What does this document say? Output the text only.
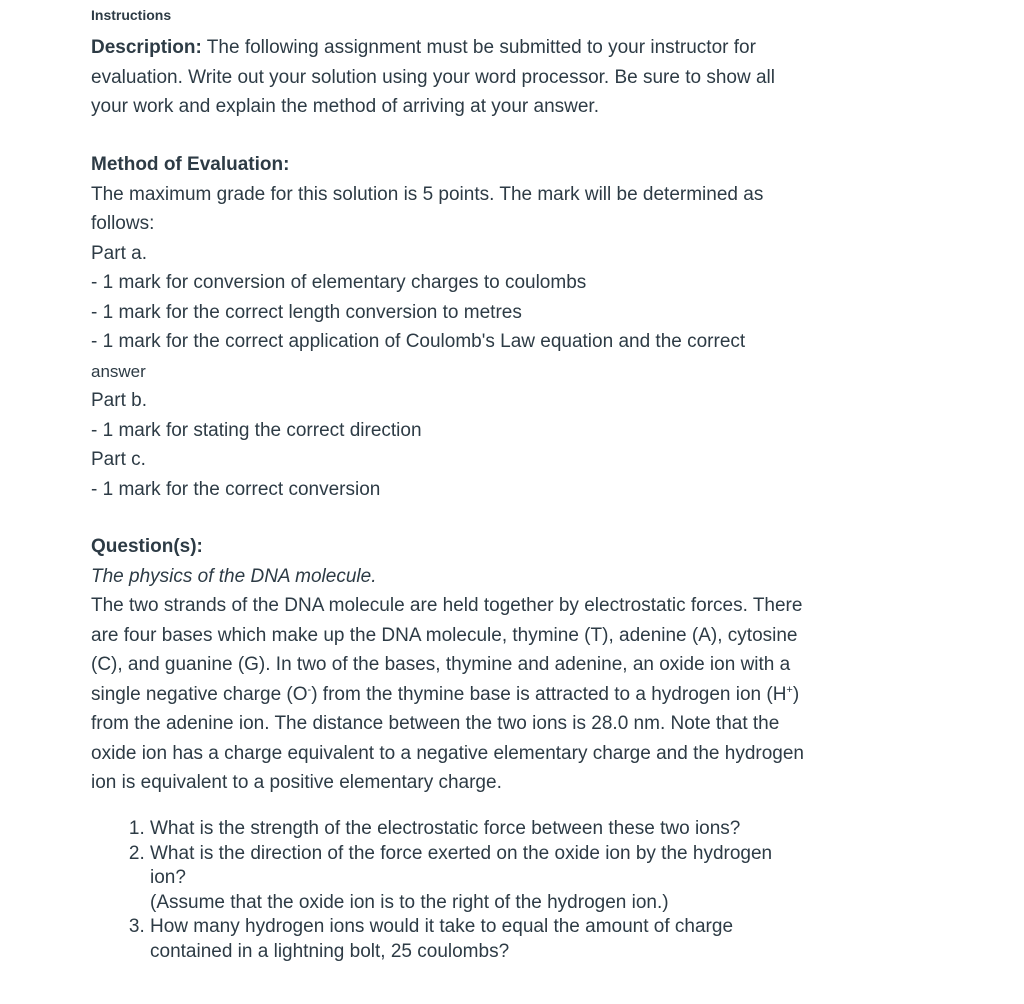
Instructions
Description: The following assignment must be submitted to your instructor for
evaluation. Write out your solution using your word processor. Be sure to show all
your work and explain the method of arriving at your answer.
Method of Evaluation:
The maximum grade for this solution is 5 points. The mark will be determined as
follows:
Part a.
- 1 mark for conversion of elementary charges to coulombs
- 1 mark for the correct length conversion to metres
- 1 mark for the correct application of Coulomb's Law equation and the correct
answer
Part b.
- 1 mark for stating the correct direction
Part c.
- 1 mark for the correct conversion
Question(s):
The physics of the DNA molecule.
The two strands of the DNA molecule are held together by electrostatic forces. There
are four bases which make up the DNA molecule, thymine (T), adenine (A), cytosine
(C), and guanine (G). In two of the bases, thymine and adenine, an oxide ion with a
single negative charge (O-) from the thymine base is attracted to a hydrogen ion (H+)
from the adenine ion. The distance between the two ions is 28.0 nm. Note that the
oxide ion has a charge equivalent to a negative elementary charge and the hydrogen
ion is equivalent to a positive elementary charge.
1. What is the strength of the electrostatic force between these two ions?
2. What is the direction of the force exerted on the oxide ion by the hydrogen
ion?
(Assume that the oxide ion is to the right of the hydrogen ion.)
3. How many hydrogen ions would it take to equal the amount of charge
contained in a lightning bolt, 25 coulombs?
